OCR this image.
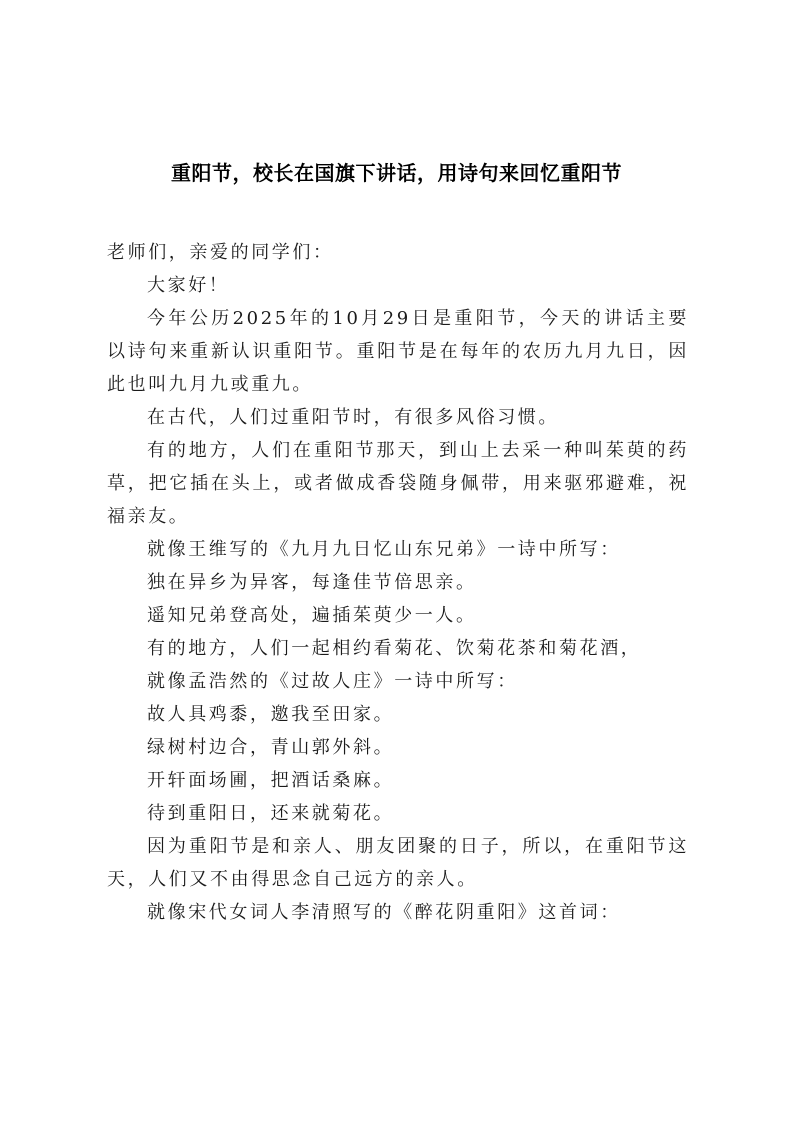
重阳节，校长在国旗下讲话，用诗句来回忆重阳节

老师们，亲爱的同学们：

大家好！

今年公历2025年的10月29日是重阳节，今天的讲话主要以诗句来重新认识重阳节。重阳节是在每年的农历九月九日，因此也叫九月九或重九。

在古代，人们过重阳节时，有很多风俗习惯。

有的地方，人们在重阳节那天，到山上去采一种叫茱萸的药草，把它插在头上，或者做成香袋随身佩带，用来驱邪避难，祝福亲友。

就像王维写的《九月九日忆山东兄弟》一诗中所写：

独在异乡为异客，每逢佳节倍思亲。

遥知兄弟登高处，遍插茱萸少一人。

有的地方，人们一起相约看菊花、饮菊花茶和菊花酒，

就像孟浩然的《过故人庄》一诗中所写：

故人具鸡黍，邀我至田家。

绿树村边合，青山郭外斜。

开轩面场圃，把酒话桑麻。

待到重阳日，还来就菊花。

因为重阳节是和亲人、朋友团聚的日子，所以，在重阳节这天，人们又不由得思念自己远方的亲人。

就像宋代女词人李清照写的《醉花阴重阳》这首词：
